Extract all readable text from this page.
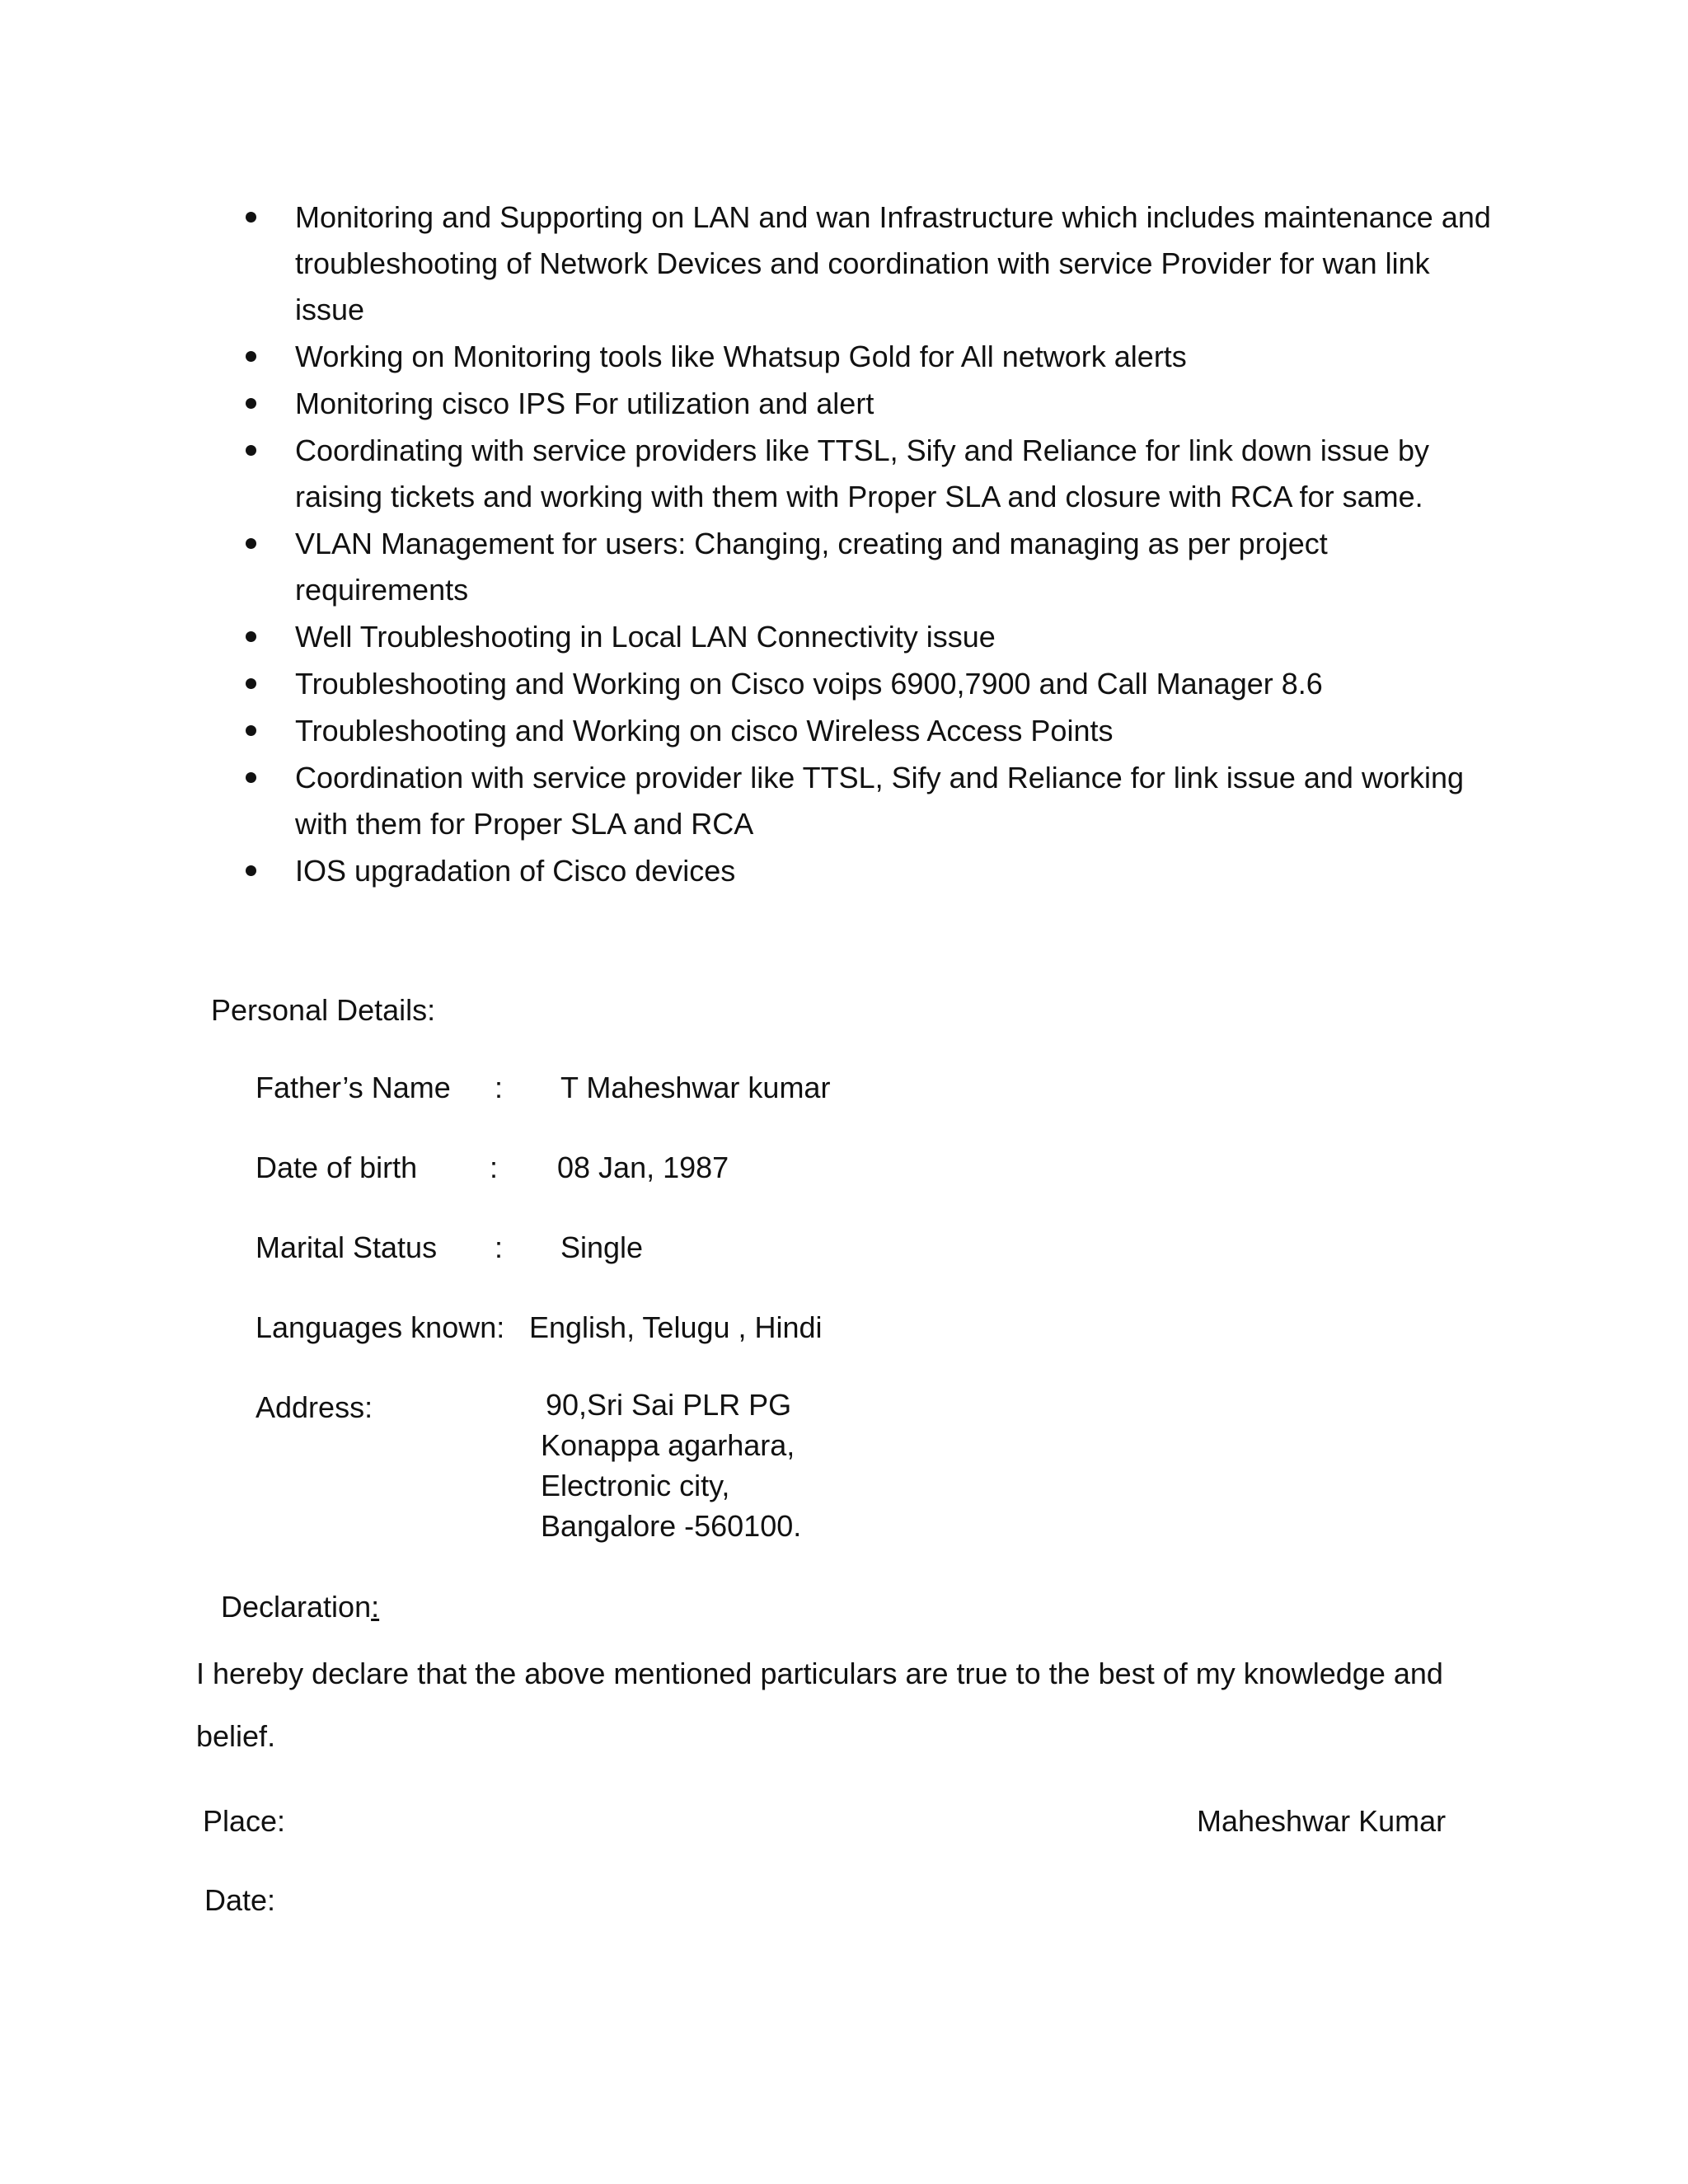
Monitoring and Supporting on LAN and wan Infrastructure which includes maintenance and troubleshooting of Network Devices and coordination with service Provider for wan link issue
Working on Monitoring tools like Whatsup Gold for All network alerts
Monitoring cisco IPS For utilization and alert
Coordinating with service providers like TTSL, Sify and Reliance for link down issue by raising tickets and working with them with Proper SLA and closure with RCA for same.
VLAN Management for users: Changing, creating and managing as per project requirements
Well Troubleshooting in Local LAN Connectivity issue
Troubleshooting and Working on Cisco voips 6900,7900 and Call Manager 8.6
Troubleshooting and Working on cisco Wireless Access Points
Coordination with service provider like TTSL, Sify and Reliance for link issue and working with them for Proper SLA and RCA
IOS upgradation of Cisco devices
Personal Details:
Father’s Name : T Maheshwar kumar
Date of birth : 08 Jan, 1987
Marital Status : Single
Languages known: English, Telugu , Hindi
Address:	90,Sri Sai PLR PG
Konappa agarhara,
Electronic city,
Bangalore -560100.
Declaration:
I hereby declare that the above mentioned particulars are true to the best of my knowledge and belief.
Place:	Maheshwar Kumar
Date:
